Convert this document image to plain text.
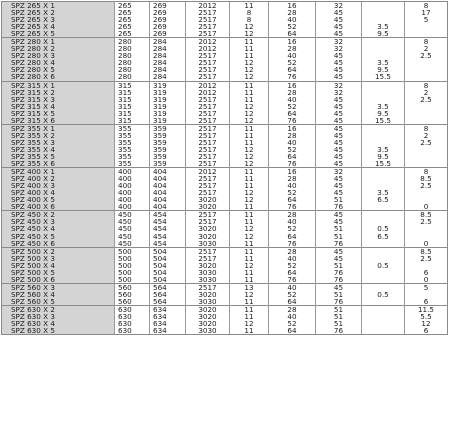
SPZ 265 X 1	265	269	2012	11	16	32		8
SPZ 265 X 2	265	269	2517	8	28	45		17
SPZ 265 X 3	265	269	2517	8	40	45		5
SPZ 265 X 4	265	269	2517	12	52	45	3.5	
SPZ 265 X 5	265	269	2517	12	64	45	9.5	
SPZ 280 X 1	280	284	2012	11	16	32		8
SPZ 280 X 2	280	284	2012	11	28	32		2
SPZ 280 X 3	280	284	2517	11	40	45		2.5
SPZ 280 X 4	280	284	2517	12	52	45	3.5	
SPZ 280 X 5	280	284	2517	12	64	45	9.5	
SPZ 280 X 6	280	284	2517	12	76	45	15.5	
SPZ 315 X 1	315	319	2012	11	16	32		8
SPZ 315 X 2	315	319	2012	11	28	32		2
SPZ 315 X 3	315	319	2517	11	40	45		2.5
SPZ 315 X 4	315	319	2517	12	52	45	3.5	
SPZ 315 X 5	315	319	2517	12	64	45	9.5	
SPZ 315 X 6	315	319	2517	12	76	45	15.5	
SPZ 355 X 1	355	359	2517	11	16	45		8
SPZ 355 X 2	355	359	2517	11	28	45		2
SPZ 355 X 3	355	359	2517	11	40	45		2.5
SPZ 355 X 4	355	359	2517	12	52	45	3.5	
SPZ 355 X 5	355	359	2517	12	64	45	9.5	
SPZ 355 X 6	355	359	2517	12	76	45	15.5	
SPZ 400 X 1	400	404	2012	11	16	32		8
SPZ 400 X 2	400	404	2517	11	28	45		8.5
SPZ 400 X 3	400	404	2517	11	40	45		2.5
SPZ 400 X 4	400	404	2517	12	52	45	3.5	
SPZ 400 X 5	400	404	3020	12	64	51	6.5	
SPZ 400 X 6	400	404	3020	11	76	76		0
SPZ 450 X 2	450	454	2517	11	28	45		8.5
SPZ 450 X 3	450	454	2517	11	40	45		2.5
SPZ 450 X 4	450	454	3020	12	52	51	0.5	
SPZ 450 X 5	450	454	3020	12	64	51	6.5	
SPZ 450 X 6	450	454	3030	11	76	76		0
SPZ 500 X 2	500	504	2517	11	28	45		8.5
SPZ 500 X 3	500	504	2517	11	40	45		2.5
SPZ 500 X 4	500	504	3020	12	52	51	0.5	
SPZ 500 X 5	500	504	3030	11	64	76		6
SPZ 500 X 6	500	504	3030	11	76	76		0
SPZ 560 X 3	560	564	2517	13	40	45		5
SPZ 560 X 4	560	564	3020	12	52	51	0.5	
SPZ 560 X 5	560	564	3030	11	64	76		6
SPZ 630 X 2	630	634	3020	11	28	51		11.5
SPZ 630 X 3	630	634	3020	11	40	51		5.5
SPZ 630 X 4	630	634	3020	12	52	51		12
SPZ 630 X 5	630	634	3030	11	64	76		6
